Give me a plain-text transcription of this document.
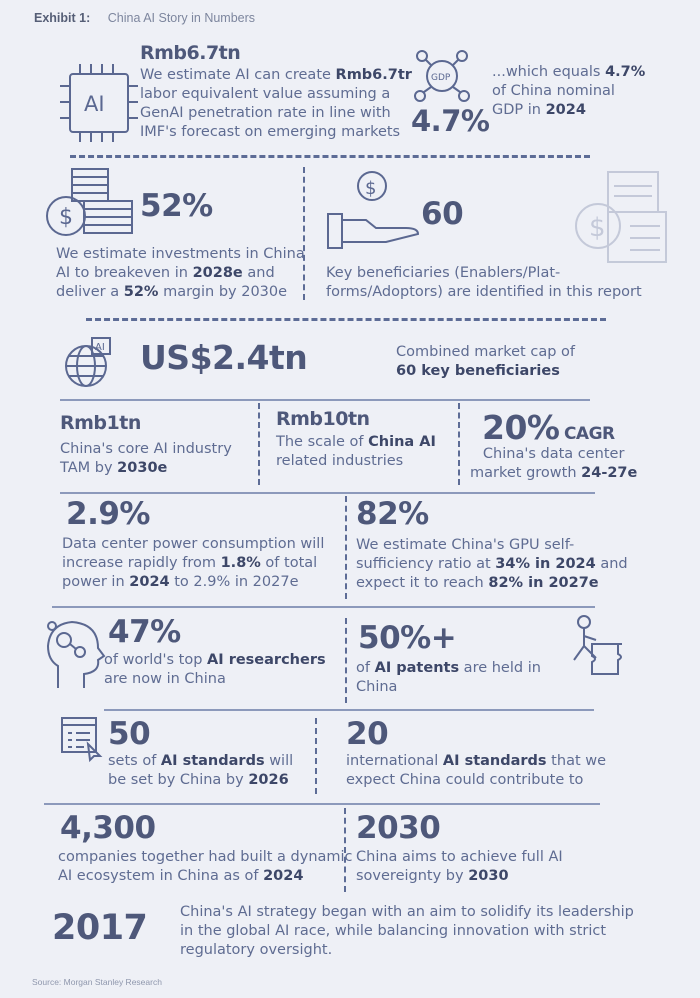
Exhibit 1: China AI Story in Numbers
AI
Rmb6.7tn
We estimate AI can create Rmb6.7tr
labor equivalent value assuming a
GenAI penetration rate in line with
IMF's forecast on emerging markets
GDP
4.7%
...which equals 4.7%
of China nominal
GDP in 2024
$ 52%
We estimate investments in China
AI to breakeven in 2028e and
deliver a 52% margin by 2030e
$
60
Key beneficiaries (Enablers/Plat-
forms/Adoptors) are identified in this report
$
AI US$2.4tn	Combined market cap of
60 key beneficiaries
Rmb1tn
China's core AI industry
TAM by 2030e
Rmb10tn
The scale of China AI
related industries
20% CAGR
China's data center
market growth 24-27e
2.9%
Data center power consumption will
increase rapidly from 1.8% of total
power in 2024 to 2.9% in 2027e
82%
We estimate China's GPU self-
sufficiency ratio at 34% in 2024 and
expect it to reach 82% in 2027e
47%
of world's top AI researchers
are now in China
50%+
of AI patents are held in
China
50
sets of AI standards will
be set by China by 2026
20
international AI standards that we
expect China could contribute to
4,300
companies together had built a dynamic
AI ecosystem in China as of 2024
2030
China aims to achieve full AI
sovereignty by 2030
2017 China's AI strategy began with an aim to solidify its leadership
in the global AI race, while balancing innovation with strict
regulatory oversight.
Source: Morgan Stanley Research
